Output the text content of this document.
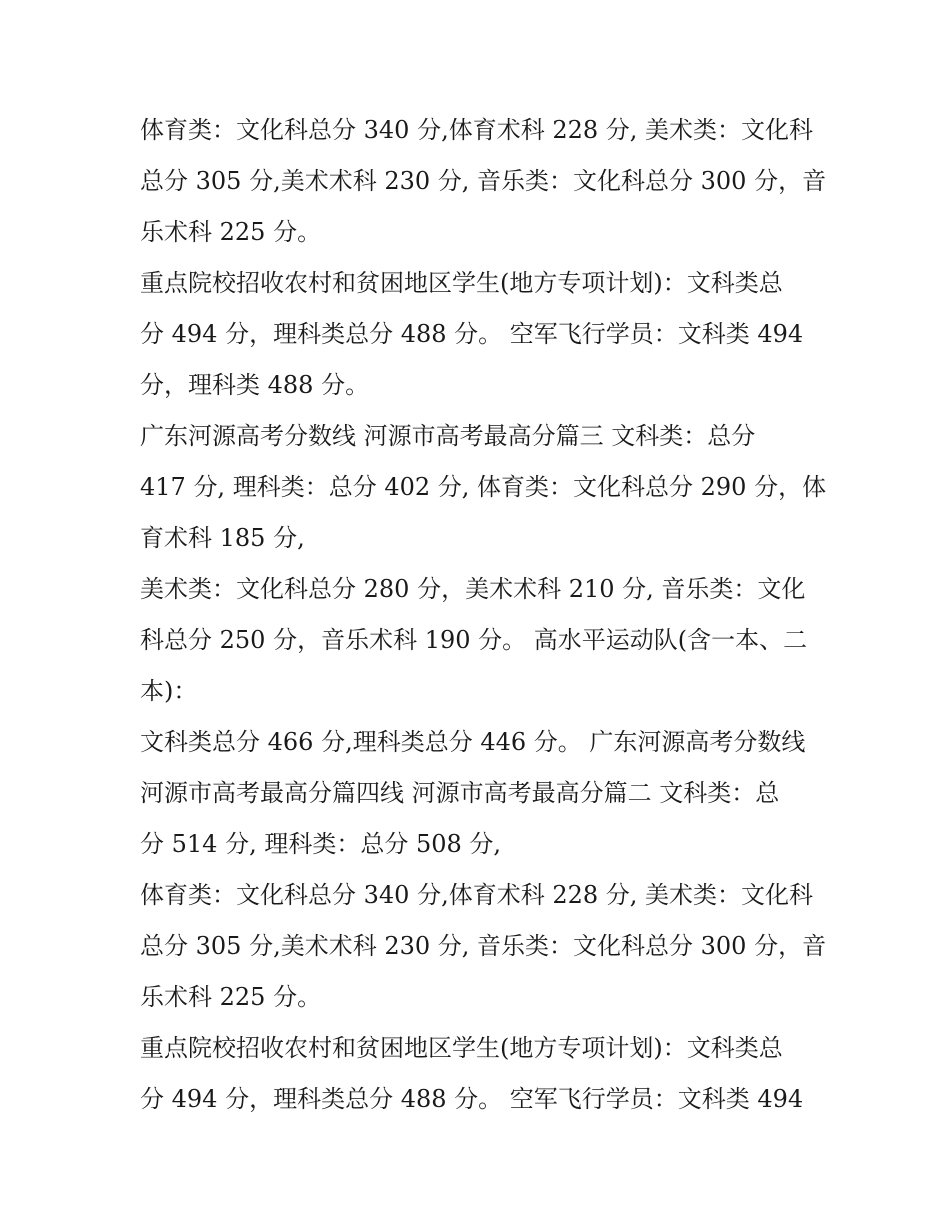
体育类：文化科总分 340 分,体育术科 228 分, 美术类：文化科
总分 305 分,美术术科 230 分, 音乐类：文化科总分 300 分，音
乐术科 225 分。
重点院校招收农村和贫困地区学生(地方专项计划)：文科类总
分 494 分，理科类总分 488 分。 空军飞行学员：文科类 494
分，理科类 488 分。
广东河源高考分数线 河源市高考最高分篇三 文科类：总分
417 分, 理科类：总分 402 分, 体育类：文化科总分 290 分，体
育术科 185 分,
美术类：文化科总分 280 分，美术术科 210 分, 音乐类：文化
科总分 250 分，音乐术科 190 分。 高水平运动队(含一本、二
本)：
文科类总分 466 分,理科类总分 446 分。 广东河源高考分数线
河源市高考最高分篇四线 河源市高考最高分篇二 文科类：总
分 514 分, 理科类：总分 508 分,
体育类：文化科总分 340 分,体育术科 228 分, 美术类：文化科
总分 305 分,美术术科 230 分, 音乐类：文化科总分 300 分，音
乐术科 225 分。
重点院校招收农村和贫困地区学生(地方专项计划)：文科类总
分 494 分，理科类总分 488 分。 空军飞行学员：文科类 494
